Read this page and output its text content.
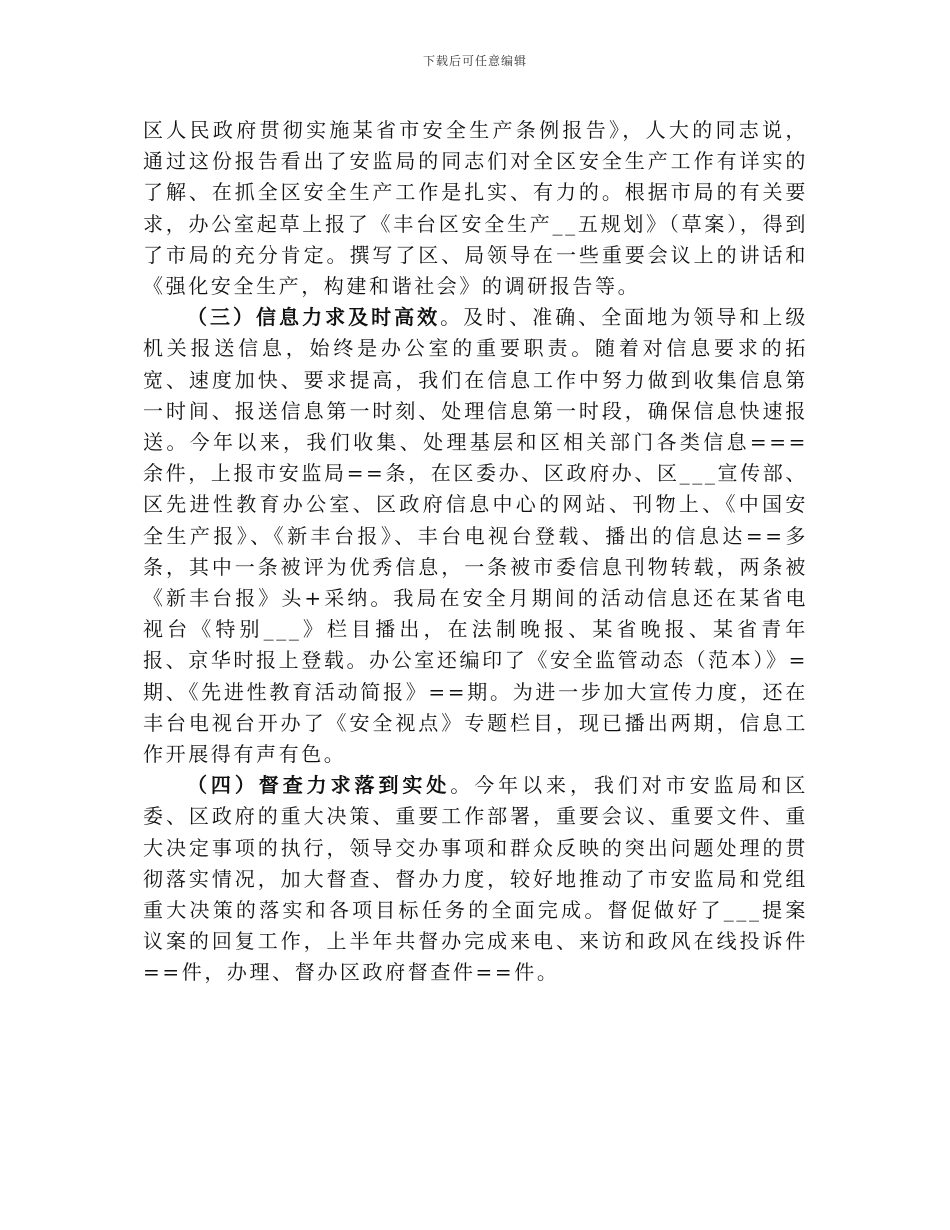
下载后可任意编辑

区人民政府贯彻实施某省市安全生产条例报告》，人大的同志说，通过这份报告看出了安监局的同志们对全区安全生产工作有详实的了解、在抓全区安全生产工作是扎实、有力的。根据市局的有关要求，办公室起草上报了《丰台区安全生产__五规划》（草案），得到了市局的充分肯定。撰写了区、局领导在一些重要会议上的讲话和《强化安全生产，构建和谐社会》的调研报告等。

（三）信息力求及时高效。及时、准确、全面地为领导和上级机关报送信息，始终是办公室的重要职责。随着对信息要求的拓宽、速度加快、要求提高，我们在信息工作中努力做到收集信息第一时间、报送信息第一时刻、处理信息第一时段，确保信息快速报送。今年以来，我们收集、处理基层和区相关部门各类信息===余件，上报市安监局==条，在区委办、区政府办、区___宣传部、区先进性教育办公室、区政府信息中心的网站、刊物上、《中国安全生产报》、《新丰台报》、丰台电视台登载、播出的信息达==多条，其中一条被评为优秀信息，一条被市委信息刊物转载，两条被《新丰台报》头+采纳。我局在安全月期间的活动信息还在某省电视台《特别___》栏目播出，在法制晚报、某省晚报、某省青年报、京华时报上登载。办公室还编印了《安全监管动态（范本）》=期、《先进性教育活动简报》==期。为进一步加大宣传力度，还在丰台电视台开办了《安全视点》专题栏目，现已播出两期，信息工作开展得有声有色。

（四）督查力求落到实处。今年以来，我们对市安监局和区委、区政府的重大决策、重要工作部署，重要会议、重要文件、重大决定事项的执行，领导交办事项和群众反映的突出问题处理的贯彻落实情况，加大督查、督办力度，较好地推动了市安监局和党组重大决策的落实和各项目标任务的全面完成。督促做好了___提案议案的回复工作，上半年共督办完成来电、来访和政风在线投诉件==件，办理、督办区政府督查件==件。
